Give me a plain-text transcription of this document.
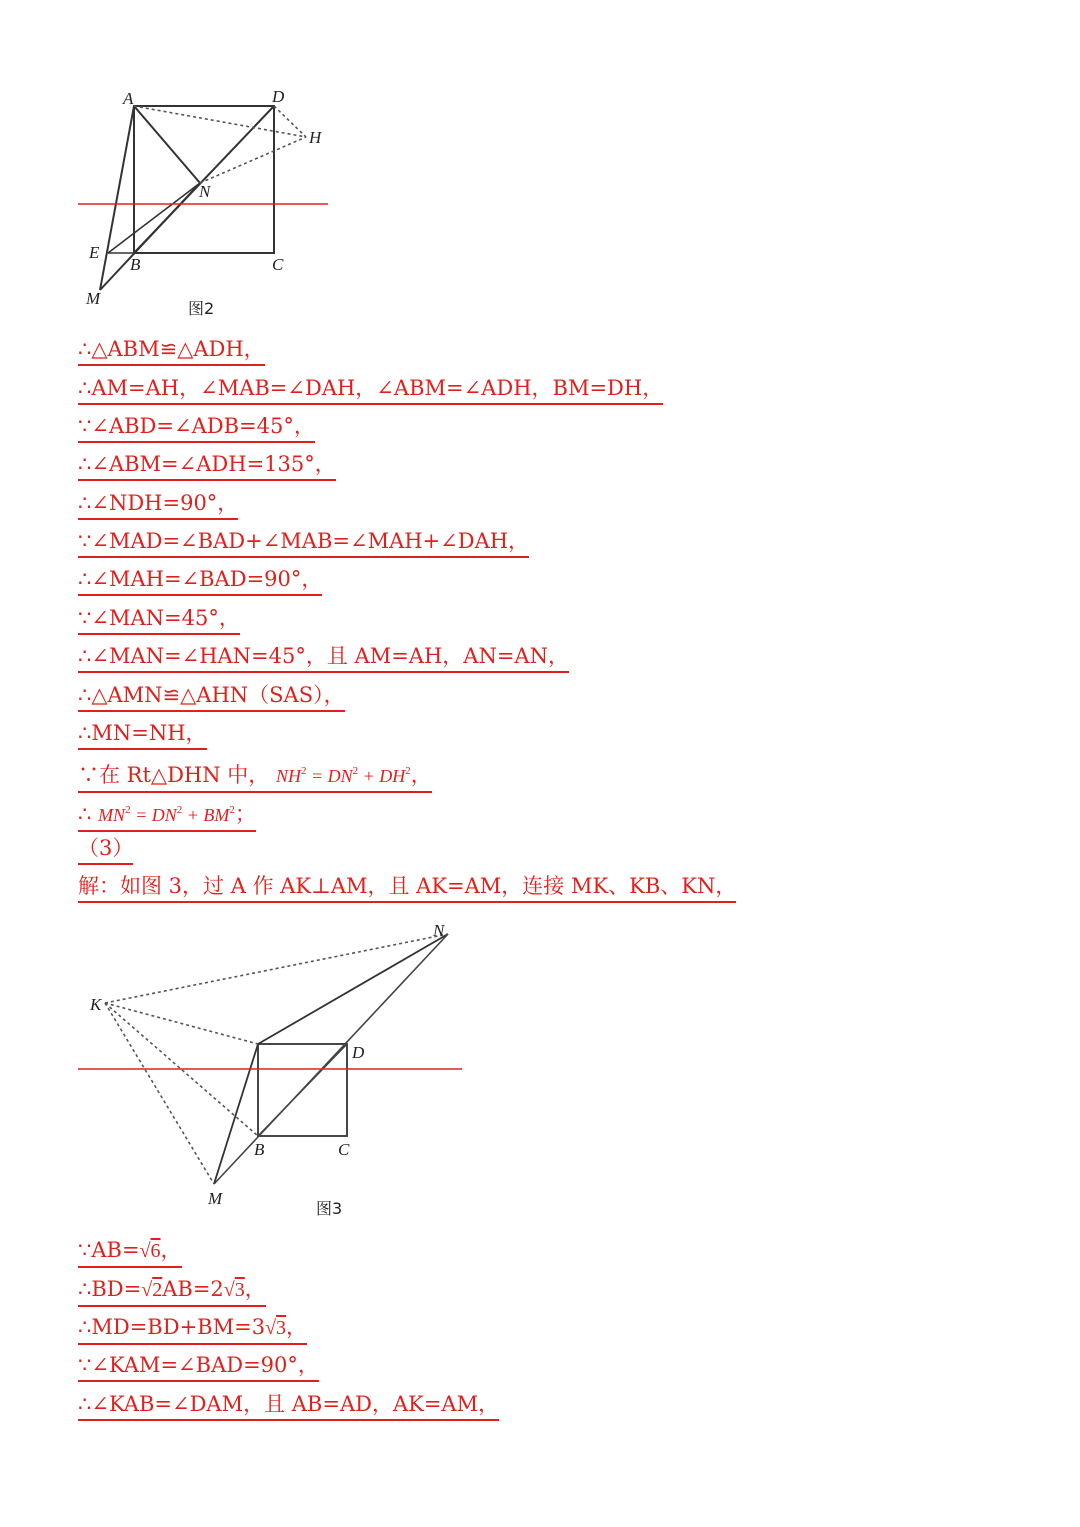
A	D
H
N
E
B	C
M
图2
∴△ABM≌△ADH，
∴AM=AH，∠MAB=∠DAH，∠ABM=∠ADH，BM=DH，
∵∠ABD=∠ADB=45°，
∴∠ABM=∠ADH=135°，
∴∠NDH=90°，
∵∠MAD=∠BAD+∠MAB=∠MAH+∠DAH，
∴∠MAH=∠BAD=90°，
∵∠MAN=45°，
∴∠MAN=∠HAN=45°，且 AM=AH，AN=AN，
∴△AMN≌△AHN（SAS），
∴MN=NH，
∵在 Rt△DHN 中， $NH^2 = DN^2 + DH^2$，
∴ $MN^2 = DN^2 + BM^2$；
（3）
解：如图 3，过 A 作 AK⊥AM，且 AK=AM，连接 MK、KB、KN，
N
K
D
B	C
M
图3
∵AB=√6，
∴BD=√2AB=2√3，
∴MD=BD+BM=3√3，
∵∠KAM=∠BAD=90°，
∴∠KAB=∠DAM，且 AB=AD，AK=AM，
